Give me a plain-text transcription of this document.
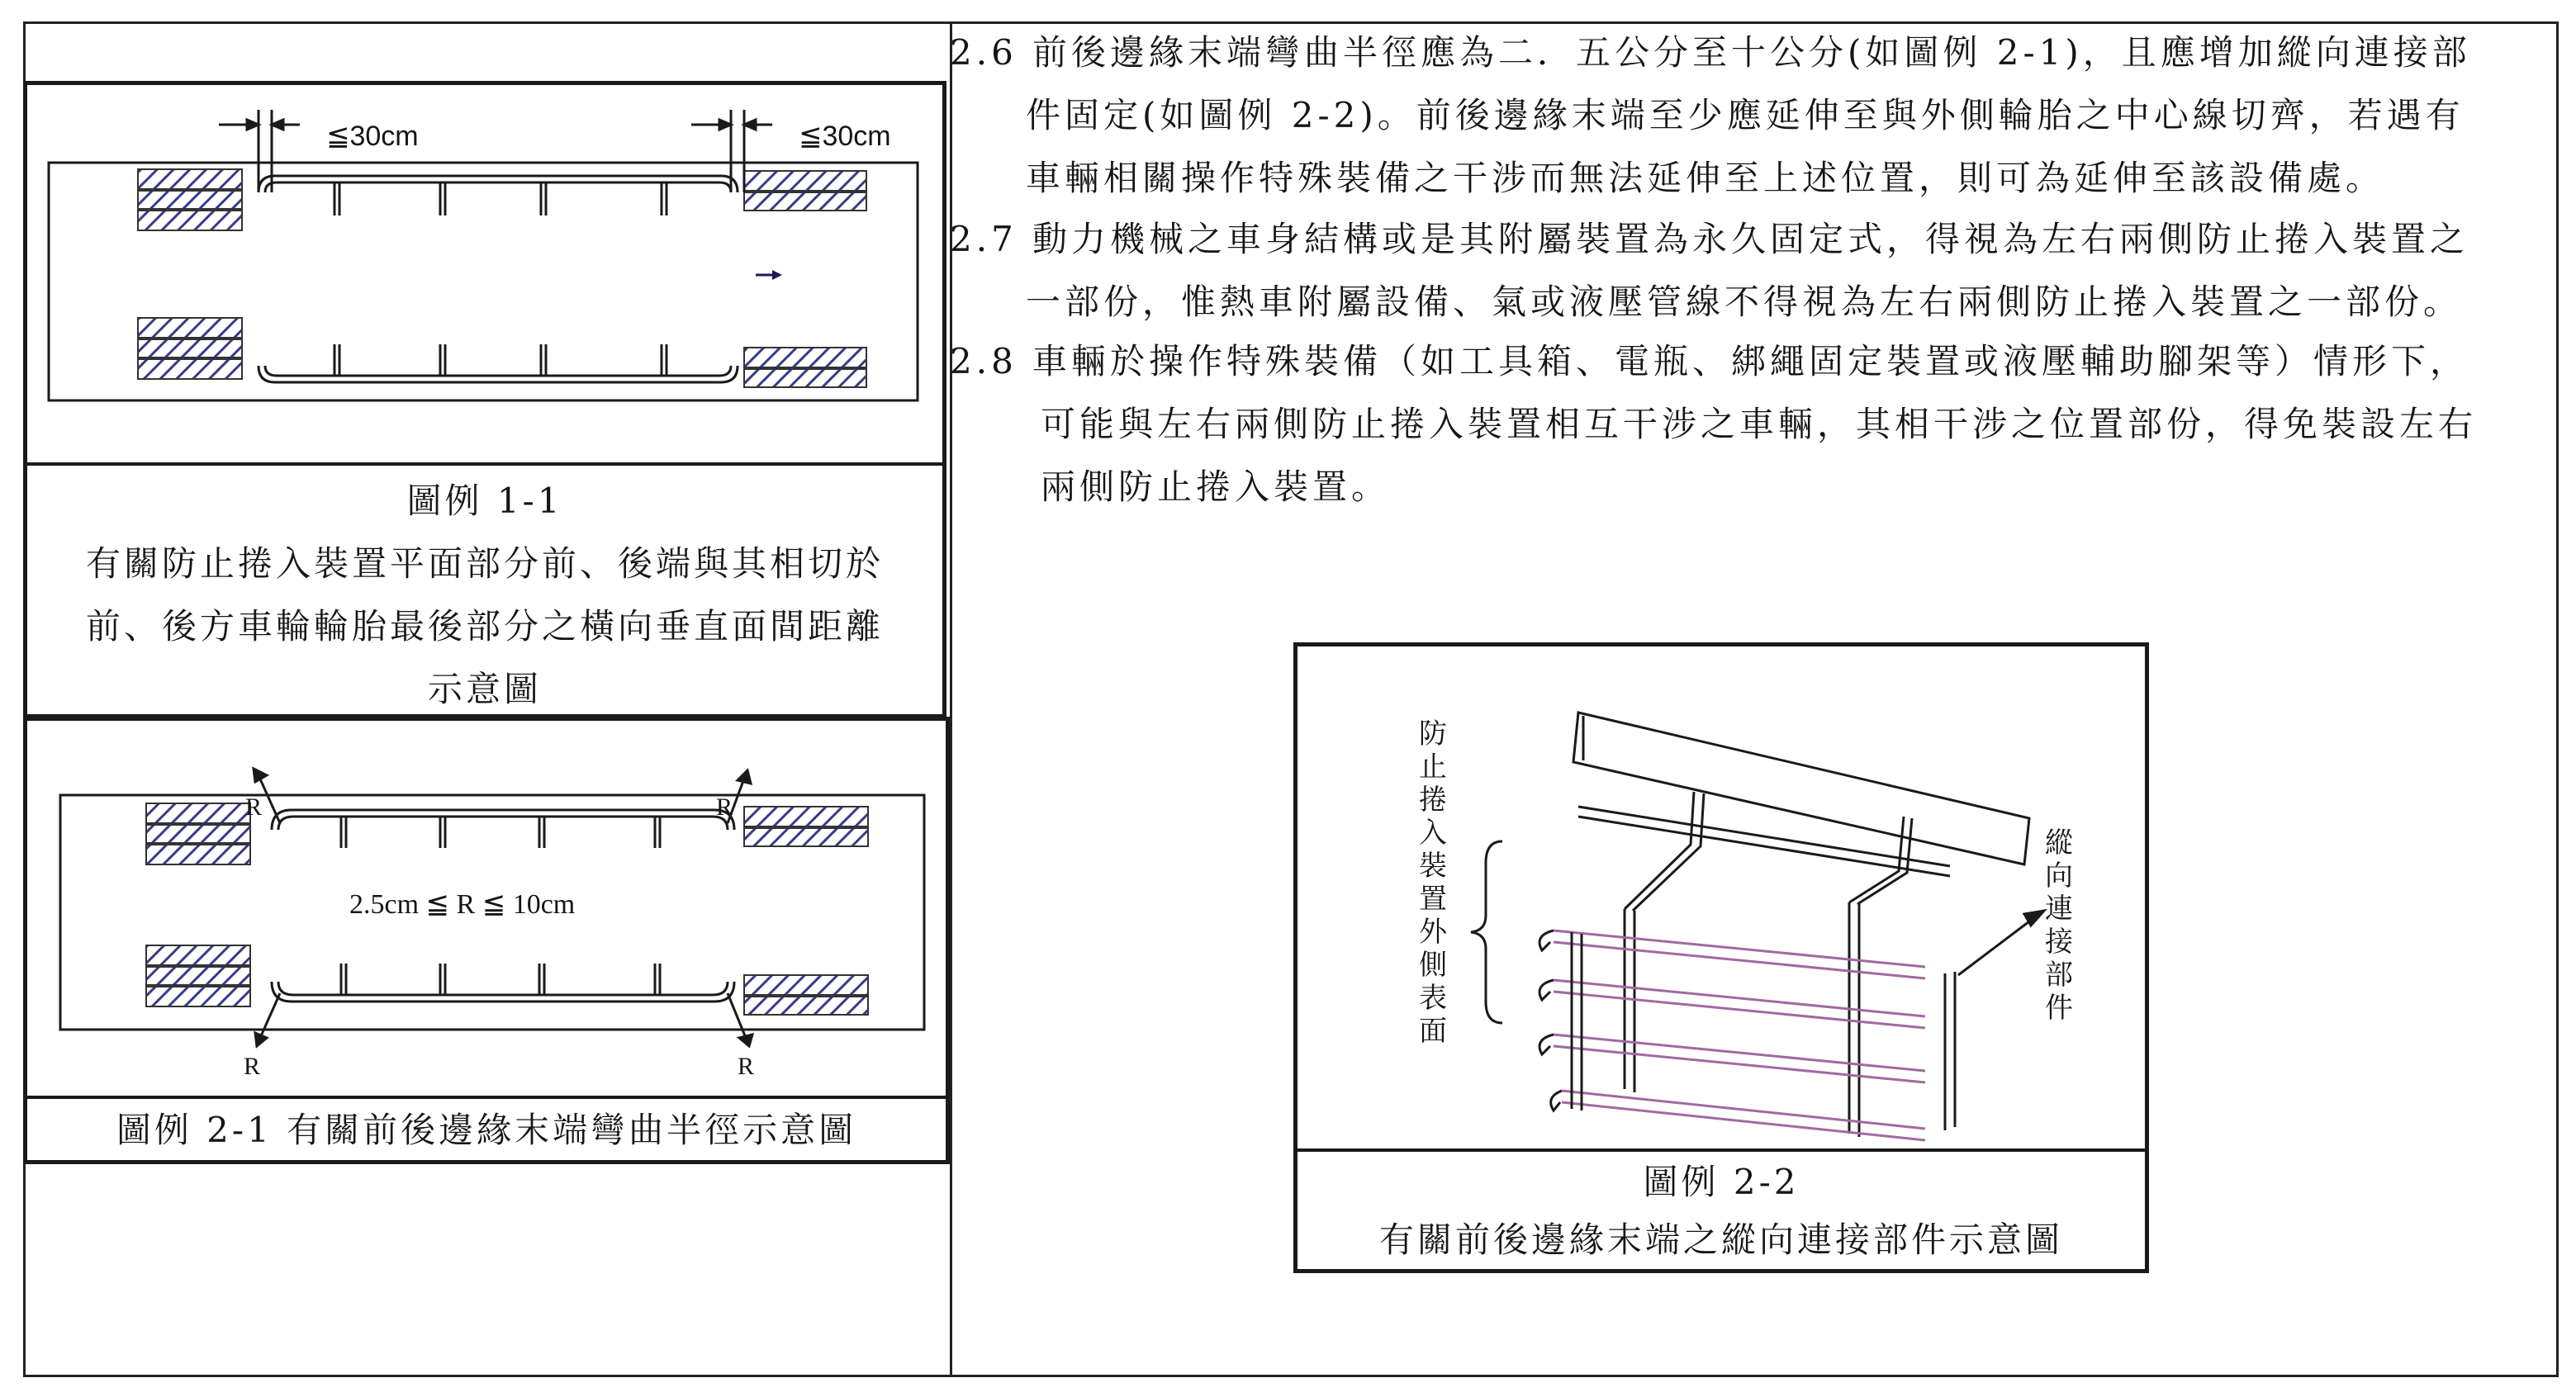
≦30cm	≦30cm
圖例 1-1
有關防止捲入裝置平面部分前、後端與其相切於
前、後方車輪輪胎最後部分之橫向垂直面間距離
示意圖
R	R
2.5cm ≦ R ≦ 10cm
R	R
圖例 2-1 有關前後邊緣末端彎曲半徑示意圖
2.6 前後邊緣末端彎曲半徑應為二．五公分至十公分(如圖例 2-1)，且應增加縱向連接部
件固定(如圖例 2-2)。前後邊緣末端至少應延伸至與外側輪胎之中心線切齊，若遇有
車輛相關操作特殊裝備之干涉而無法延伸至上述位置，則可為延伸至該設備處。
2.7 動力機械之車身結構或是其附屬裝置為永久固定式，得視為左右兩側防止捲入裝置之
一部份，惟熱車附屬設備、氣或液壓管線不得視為左右兩側防止捲入裝置之一部份。
2.8 車輛於操作特殊裝備（如工具箱、電瓶、綁繩固定裝置或液壓輔助腳架等）情形下，
可能與左右兩側防止捲入裝置相互干涉之車輛，其相干涉之位置部份，得免裝設左右
兩側防止捲入裝置。
防止捲入裝置外側表面
縱向連接部件
圖例 2-2
有關前後邊緣末端之縱向連接部件示意圖
